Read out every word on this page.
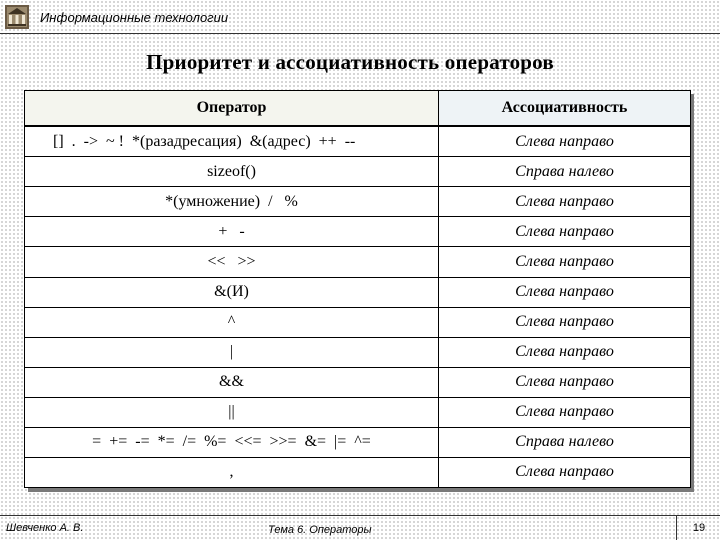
Информационные технологии
Приоритет и ассоциативность операторов
Оператор	Ассоциативность
[]  .  ->  ~ !  *(разадресация)  &(адрес)  ++  --	Слева направо
sizeof()	Справа налево
*(умножение)  /   %	Слева направо
+   -	Слева направо
<<   >>	Слева направо
&(И)	Слева направо
^	Слева направо
|	Слева направо
&&	Слева направо
||	Слева направо
=  +=  -=  *=  /=  %=  <<=  >>=  &=  |=  ^=	Справа налево
,	Слева направо
Шевченко А. В.	Тема 6. Операторы	19
